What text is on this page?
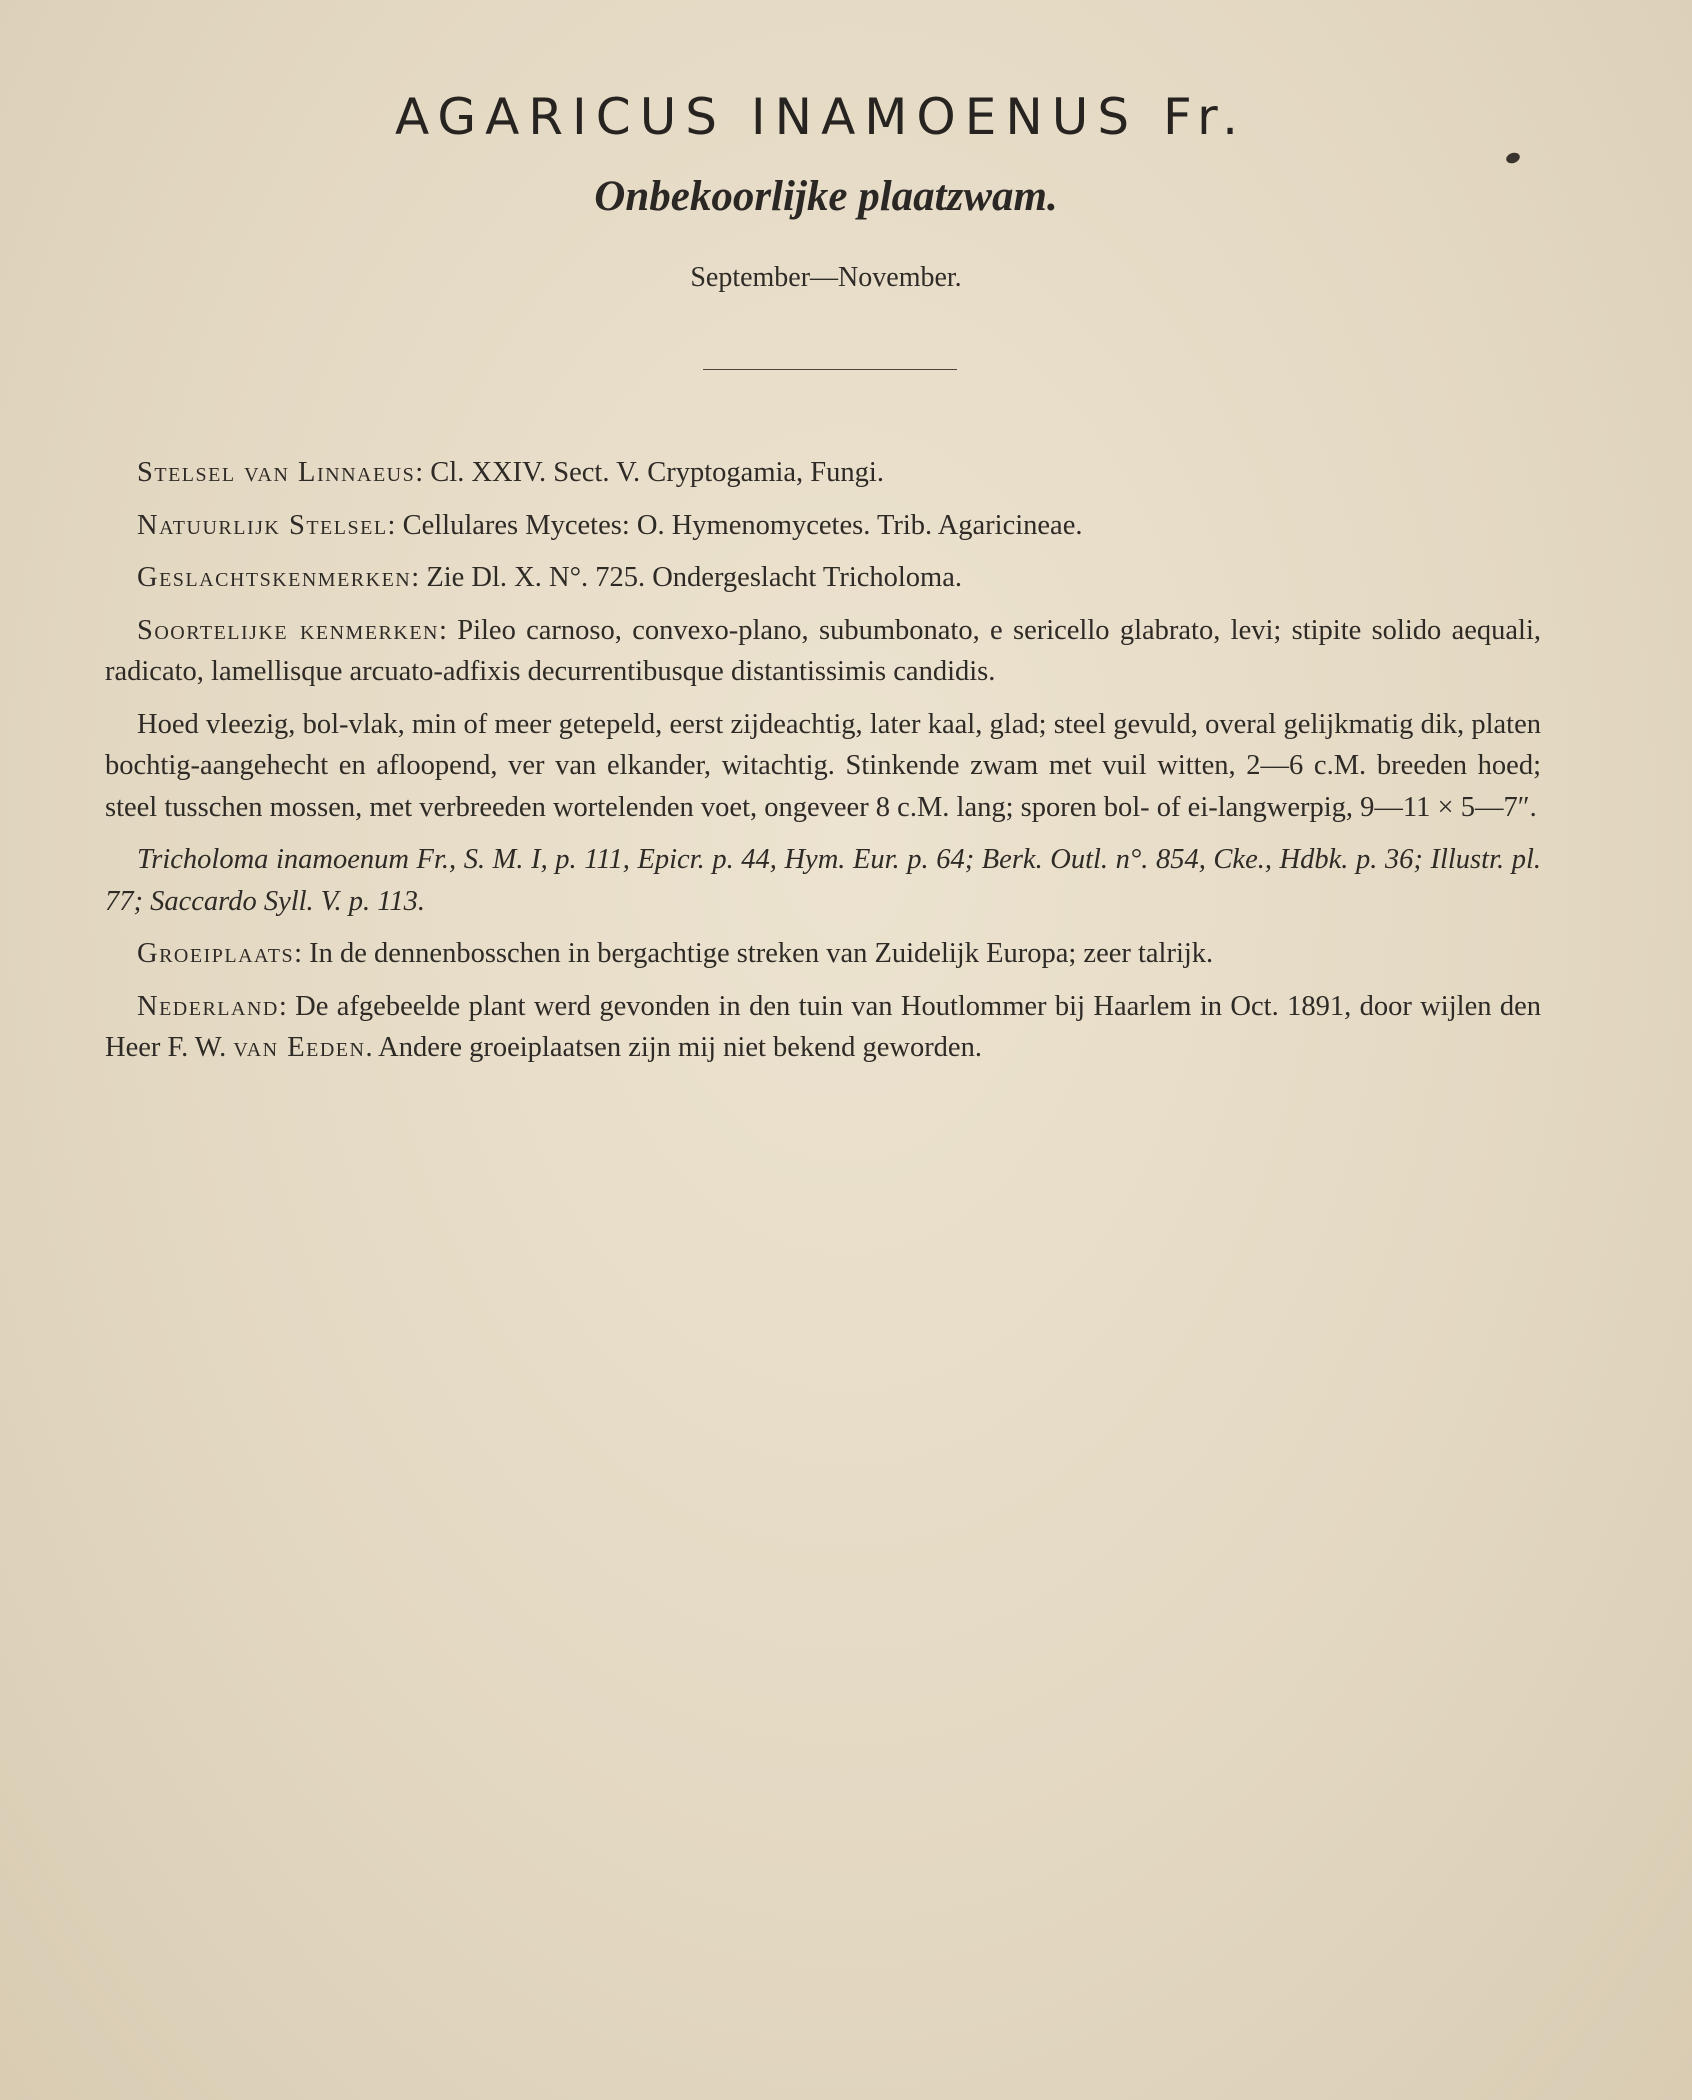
AGARICUS INAMOENUS Fr.
Onbekoorlijke plaatzwam.
September—November.

Stelsel van Linnaeus: Cl. XXIV. Sect. V. Cryptogamia, Fungi.

Natuurlijk Stelsel: Cellulares Mycetes: O. Hymenomycetes. Trib. Agaricineae.

Geslachtskenmerken: Zie Dl. X. N°. 725. Ondergeslacht Tricholoma.

Soortelijke kenmerken: Pileo carnoso, convexo-plano, subumbonato, e sericello glabrato, levi; stipite solido aequali, radicato, lamellisque arcuato-adfixis decurrentibusque distantissimis candidis.

Hoed vleezig, bol-vlak, min of meer getepeld, eerst zijdeachtig, later kaal, glad; steel gevuld, overal gelijkmatig dik, platen bochtig-aangehecht en afloopend, ver van elkander, witachtig. Stinkende zwam met vuil witten, 2—6 c.M. breeden hoed; steel tusschen mossen, met verbreeden wortelenden voet, ongeveer 8 c.M. lang; sporen bol- of ei-langwerpig, 9—11 × 5—7″.

Tricholoma inamoenum Fr., S. M. I, p. 111, Epicr. p. 44, Hym. Eur. p. 64; Berk. Outl. n°. 854, Cke., Hdbk. p. 36; Illustr. pl. 77; Saccardo Syll. V. p. 113.

Groeiplaats: In de dennenbosschen in bergachtige streken van Zuidelijk Europa; zeer talrijk.

Nederland: De afgebeelde plant werd gevonden in den tuin van Houtlommer bij Haarlem in Oct. 1891, door wijlen den Heer F. W. van Eeden. Andere groeiplaatsen zijn mij niet bekend geworden.
